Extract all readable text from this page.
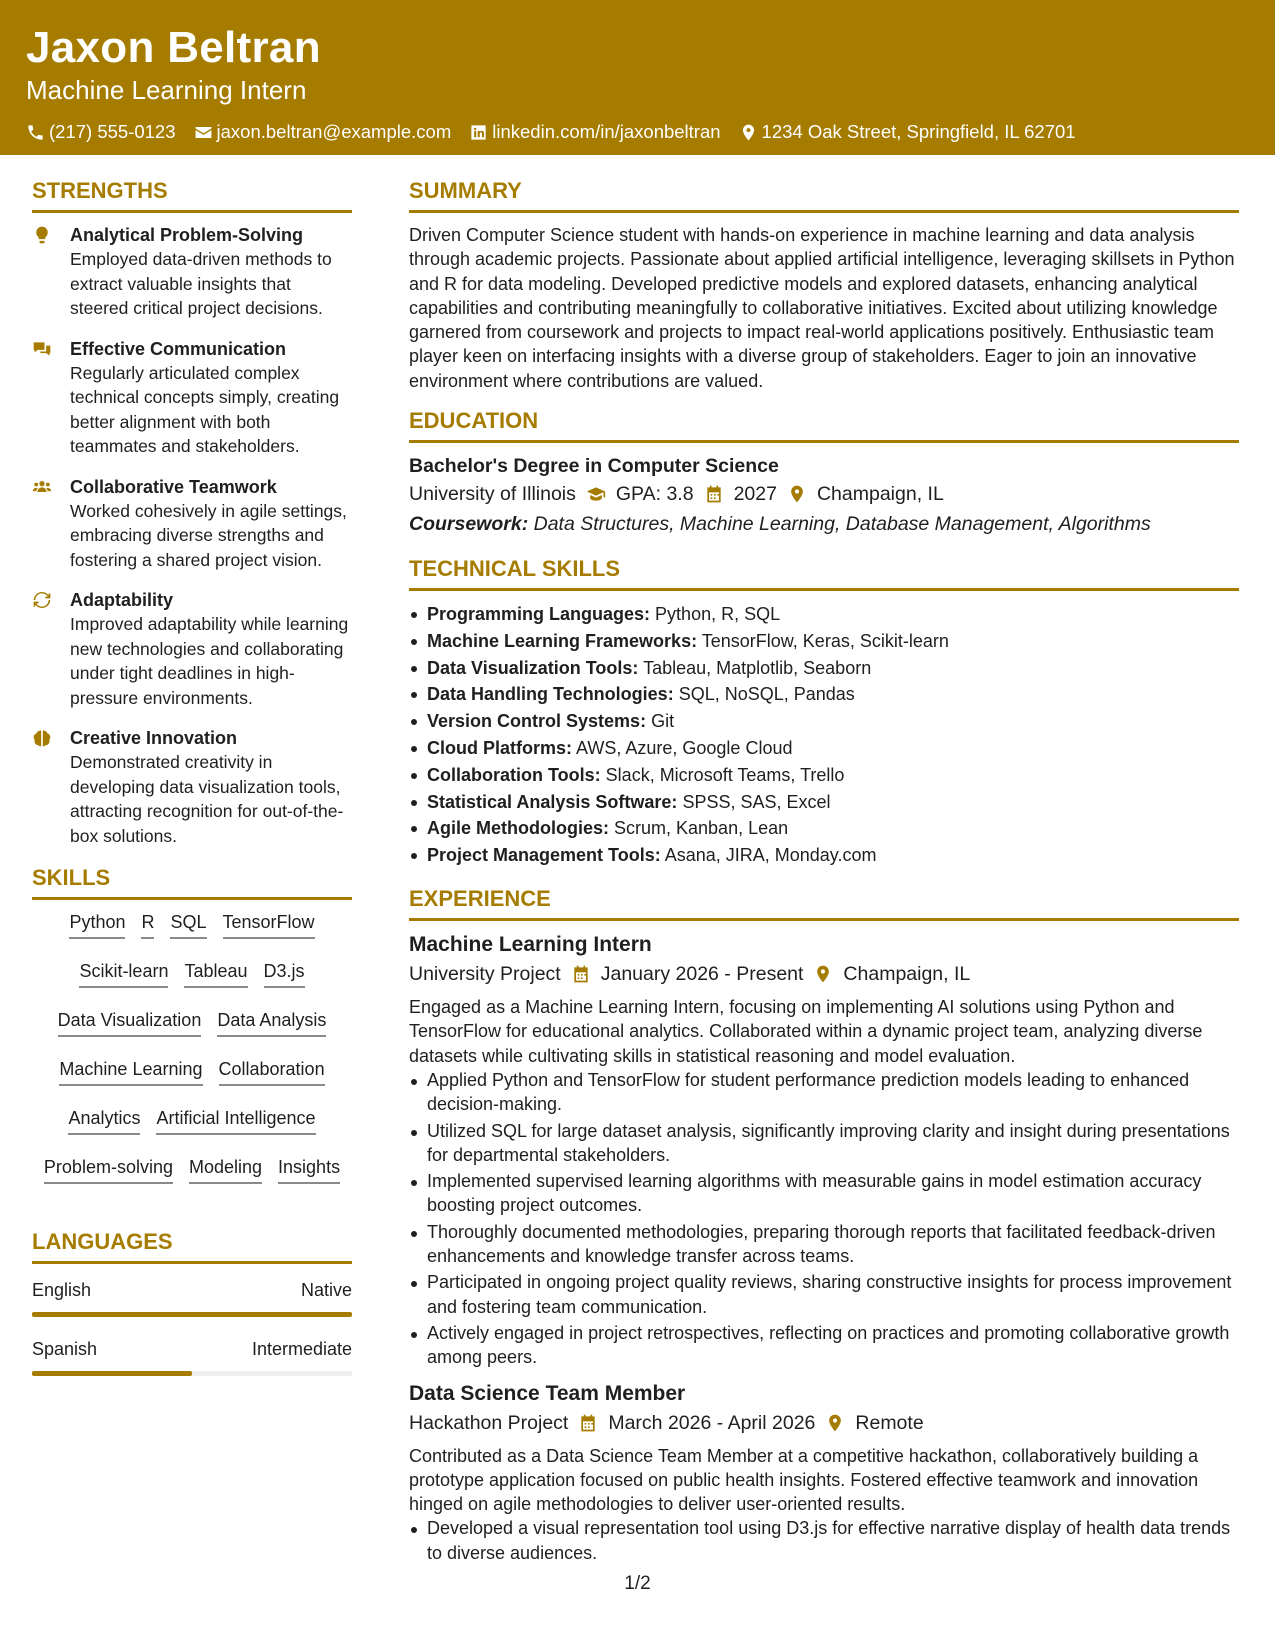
Jaxon Beltran
Machine Learning Intern
(217) 555-0123 jaxon.beltran@example.com linkedin.com/in/jaxonbeltran 1234 Oak Street, Springfield, IL 62701
STRENGTHS
Analytical Problem-Solving
Employed data-driven methods to extract valuable insights that steered critical project decisions.
Effective Communication
Regularly articulated complex technical concepts simply, creating better alignment with both teammates and stakeholders.
Collaborative Teamwork
Worked cohesively in agile settings, embracing diverse strengths and fostering a shared project vision.
Adaptability
Improved adaptability while learning new technologies and collaborating under tight deadlines in high-pressure environments.
Creative Innovation
Demonstrated creativity in developing data visualization tools, attracting recognition for out-of-the-box solutions.
SKILLS
Python R SQL TensorFlow
Scikit-learn Tableau D3.js
Data Visualization Data Analysis
Machine Learning Collaboration
Analytics Artificial Intelligence
Problem-solving Modeling Insights
LANGUAGES
English	Native
Spanish	Intermediate
SUMMARY
Driven Computer Science student with hands-on experience in machine learning and data analysis through academic projects. Passionate about applied artificial intelligence, leveraging skillsets in Python and R for data modeling. Developed predictive models and explored datasets, enhancing analytical capabilities and contributing meaningfully to collaborative initiatives. Excited about utilizing knowledge garnered from coursework and projects to impact real-world applications positively. Enthusiastic team player keen on interfacing insights with a diverse group of stakeholders. Eager to join an innovative environment where contributions are valued.
EDUCATION
Bachelor's Degree in Computer Science
University of Illinois GPA: 3.8 2027 Champaign, IL
Coursework: Data Structures, Machine Learning, Database Management, Algorithms
TECHNICAL SKILLS
Programming Languages: Python, R, SQL
Machine Learning Frameworks: TensorFlow, Keras, Scikit-learn
Data Visualization Tools: Tableau, Matplotlib, Seaborn
Data Handling Technologies: SQL, NoSQL, Pandas
Version Control Systems: Git
Cloud Platforms: AWS, Azure, Google Cloud
Collaboration Tools: Slack, Microsoft Teams, Trello
Statistical Analysis Software: SPSS, SAS, Excel
Agile Methodologies: Scrum, Kanban, Lean
Project Management Tools: Asana, JIRA, Monday.com
EXPERIENCE
Machine Learning Intern
University Project January 2026 - Present Champaign, IL
Engaged as a Machine Learning Intern, focusing on implementing AI solutions using Python and TensorFlow for educational analytics. Collaborated within a dynamic project team, analyzing diverse datasets while cultivating skills in statistical reasoning and model evaluation.
Applied Python and TensorFlow for student performance prediction models leading to enhanced decision-making.
Utilized SQL for large dataset analysis, significantly improving clarity and insight during presentations for departmental stakeholders.
Implemented supervised learning algorithms with measurable gains in model estimation accuracy boosting project outcomes.
Thoroughly documented methodologies, preparing thorough reports that facilitated feedback-driven enhancements and knowledge transfer across teams.
Participated in ongoing project quality reviews, sharing constructive insights for process improvement and fostering team communication.
Actively engaged in project retrospectives, reflecting on practices and promoting collaborative growth among peers.
Data Science Team Member
Hackathon Project March 2026 - April 2026 Remote
Contributed as a Data Science Team Member at a competitive hackathon, collaboratively building a prototype application focused on public health insights. Fostered effective teamwork and innovation hinged on agile methodologies to deliver user-oriented results.
Developed a visual representation tool using D3.js for effective narrative display of health data trends to diverse audiences.
1/2
